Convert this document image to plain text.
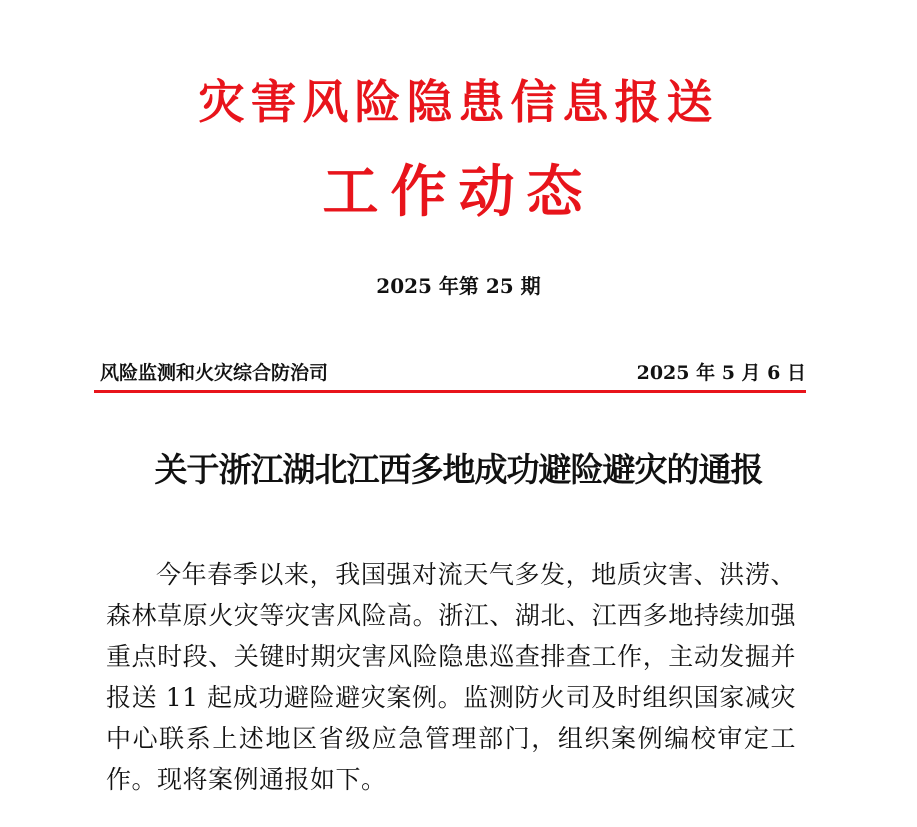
灾害风险隐患信息报送
工作动态
2025 年第 25 期
风险监测和火灾综合防治司	2025 年 5 月 6 日
关于浙江湖北江西多地成功避险避灾的通报
今年春季以来，我国强对流天气多发，地质灾害、洪涝、森林草原火灾等灾害风险高。浙江、湖北、江西多地持续加强重点时段、关键时期灾害风险隐患巡查排查工作，主动发掘并报送 11 起成功避险避灾案例。监测防火司及时组织国家减灾中心联系上述地区省级应急管理部门，组织案例编校审定工作。现将案例通报如下。
